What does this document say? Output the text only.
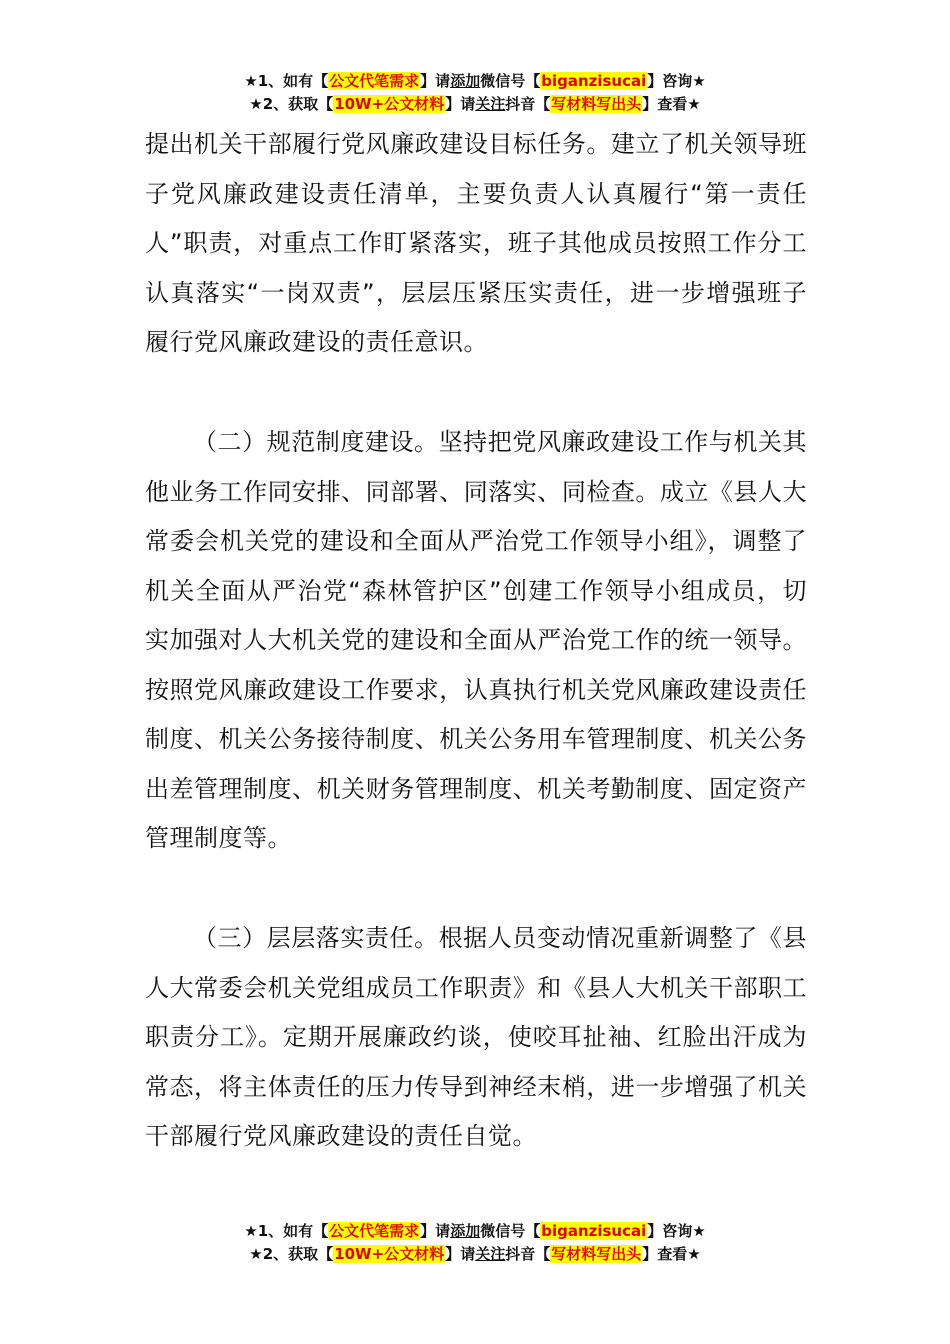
★1、如有【公文代笔需求】请添加微信号【biganzisucai】咨询★
★2、获取【10W+公文材料】请关注抖音【写材料写出头】查看★

提出机关干部履行党风廉政建设目标任务。建立了机关领导班子党风廉政建设责任清单，主要负责人认真履行“第一责任人”职责，对重点工作盯紧落实，班子其他成员按照工作分工认真落实“一岗双责”，层层压紧压实责任，进一步增强班子履行党风廉政建设的责任意识。

（二）规范制度建设。坚持把党风廉政建设工作与机关其他业务工作同安排、同部署、同落实、同检查。成立《县人大常委会机关党的建设和全面从严治党工作领导小组》，调整了机关全面从严治党“森林管护区”创建工作领导小组成员，切实加强对人大机关党的建设和全面从严治党工作的统一领导。按照党风廉政建设工作要求，认真执行机关党风廉政建设责任制度、机关公务接待制度、机关公务用车管理制度、机关公务出差管理制度、机关财务管理制度、机关考勤制度、固定资产管理制度等。

（三）层层落实责任。根据人员变动情况重新调整了《县人大常委会机关党组成员工作职责》和《县人大机关干部职工职责分工》。定期开展廉政约谈，使咬耳扯袖、红脸出汗成为常态，将主体责任的压力传导到神经末梢，进一步增强了机关干部履行党风廉政建设的责任自觉。

★1、如有【公文代笔需求】请添加微信号【biganzisucai】咨询★
★2、获取【10W+公文材料】请关注抖音【写材料写出头】查看★
